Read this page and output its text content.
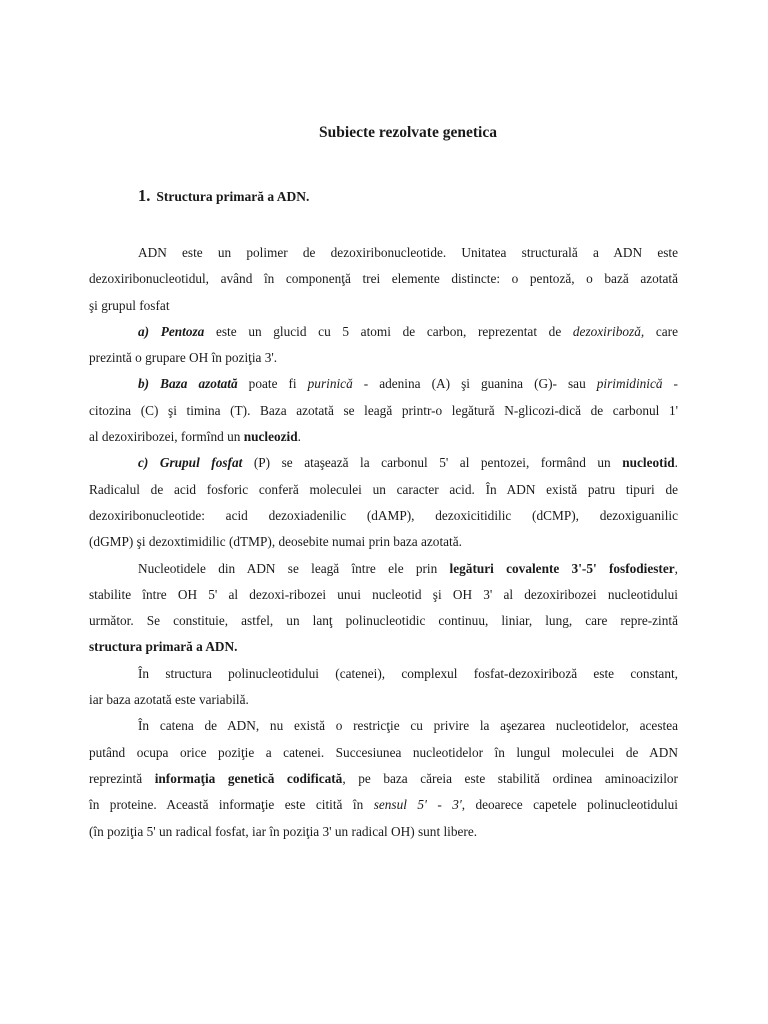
Subiecte rezolvate genetica
1. Structura primară a ADN.
ADN este un polimer de dezoxiribonucleotide. Unitatea structurală a ADN este
dezoxiribonucleotidul, având în componenţă trei elemente distincte: o pentoză, o bază azotată
şi grupul fosfat
a) Pentoza este un glucid cu 5 atomi de carbon, reprezentat de dezoxiriboză, care
prezintă o grupare OH în poziţia 3'.
b) Baza azotată poate fi purinică - adenina (A) şi guanina (G)- sau pirimidinică -
citozina (C) şi timina (T). Baza azotată se leagă printr-o legătură N-glicozi-dică de carbonul 1'
al dezoxiribozei, formînd un nucleozid.
c) Grupul fosfat (P) se ataşează la carbonul 5' al pentozei, formând un nucleotid.
Radicalul de acid fosforic conferă moleculei un caracter acid. În ADN există patru tipuri de
dezoxiribonucleotide: acid dezoxiadenilic (dAMP), dezoxicitidilic (dCMP), dezoxiguanilic
(dGMP) şi dezoxtimidilic (dTMP), deosebite numai prin baza azotată.
Nucleotidele din ADN se leagă între ele prin legături covalente 3'-5' fosfodiester,
stabilite între OH 5' al dezoxi-ribozei unui nucleotid şi OH 3' al dezoxiribozei nucleotidului
următor. Se constituie, astfel, un lanţ polinucleotidic continuu, liniar, lung, care repre-zintă
structura primară a ADN.
În structura polinucleotidului (catenei), complexul fosfat-dezoxiriboză este constant,
iar baza azotată este variabilă.
În catena de ADN, nu există o restricţie cu privire la aşezarea nucleotidelor, acestea
putând ocupa orice poziţie a catenei. Succesiunea nucleotidelor în lungul moleculei de ADN
reprezintă informaţia genetică codificată, pe baza căreia este stabilită ordinea aminoacizilor
în proteine. Această informaţie este citită în sensul 5' - 3', deoarece capetele polinucleotidului
(în poziţia 5' un radical fosfat, iar în poziţia 3' un radical OH) sunt libere.
